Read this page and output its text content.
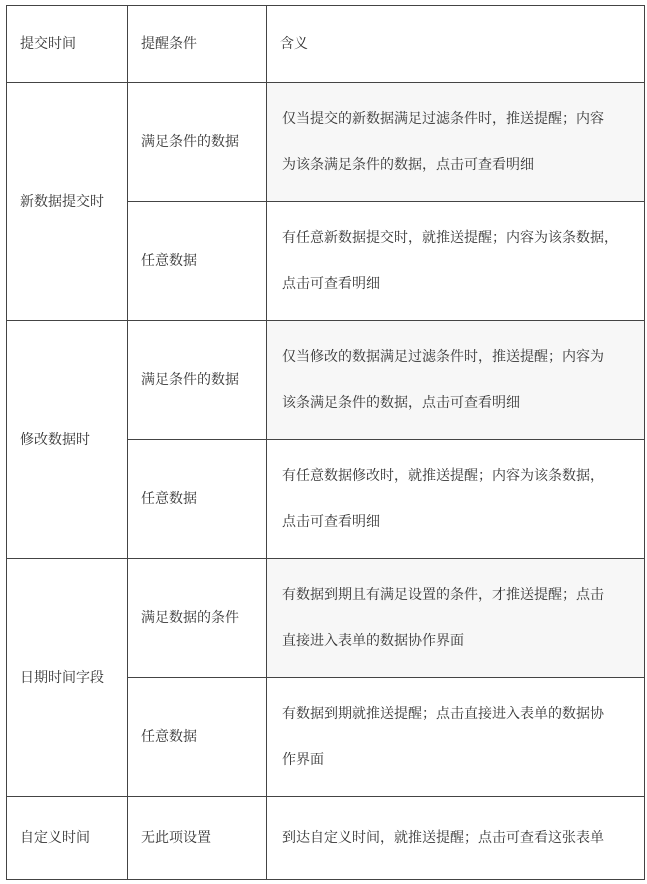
提交时间	提醒条件	含义
新数据提交时	满足条件的数据	仅当提交的新数据满足过滤条件时，推送提醒；内容
为该条满足条件的数据，点击可查看明细

	任意数据	有任意新数据提交时，就推送提醒；内容为该条数据，
点击可查看明细

修改数据时	满足条件的数据	仅当修改的数据满足过滤条件时，推送提醒；内容为
该条满足条件的数据，点击可查看明细

	任意数据	有任意数据修改时，就推送提醒；内容为该条数据，
点击可查看明细

日期时间字段	满足数据的条件	有数据到期且有满足设置的条件，才推送提醒；点击
直接进入表单的数据协作界面

	任意数据	有数据到期就推送提醒；点击直接进入表单的数据协
作界面

自定义时间	无此项设置	到达自定义时间，就推送提醒；点击可查看这张表单
